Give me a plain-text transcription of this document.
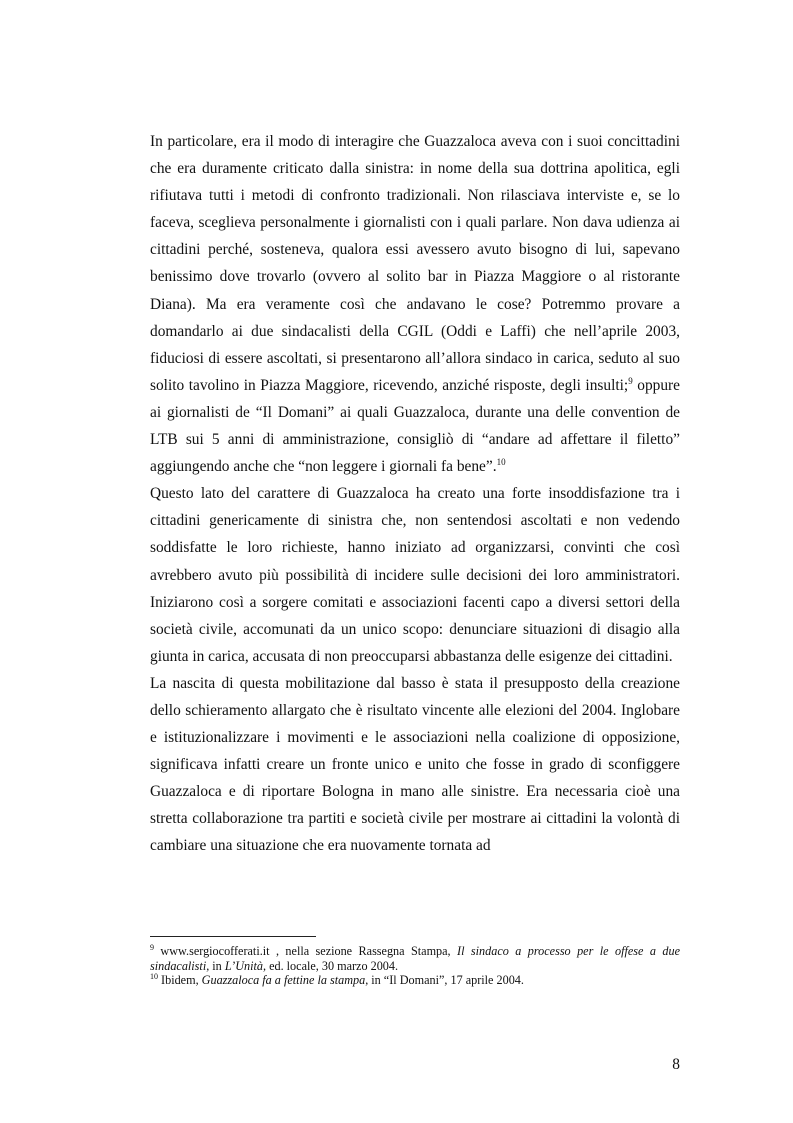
In particolare, era il modo di interagire che Guazzaloca aveva con i suoi concittadini che era duramente criticato dalla sinistra: in nome della sua dottrina apolitica, egli rifiutava tutti i metodi di confronto tradizionali. Non rilasciava interviste e, se lo faceva, sceglieva personalmente i giornalisti con i quali parlare. Non dava udienza ai cittadini perché, sosteneva, qualora essi avessero avuto bisogno di lui, sapevano benissimo dove trovarlo (ovvero al solito bar in Piazza Maggiore o al ristorante Diana). Ma era veramente così che andavano le cose? Potremmo provare a domandarlo ai due sindacalisti della CGIL (Oddi e Laffi) che nell’aprile 2003, fiduciosi di essere ascoltati, si presentarono all’allora sindaco in carica, seduto al suo solito tavolino in Piazza Maggiore, ricevendo, anziché risposte, degli insulti;$^9$ oppure ai giornalisti de “Il Domani” ai quali Guazzaloca, durante una delle convention de LTB sui 5 anni di amministrazione, consigliò di “andare ad affettare il filetto” aggiungendo anche che “non leggere i giornali fa bene”.$^{10}$

Questo lato del carattere di Guazzaloca ha creato una forte insoddisfazione tra i cittadini genericamente di sinistra che, non sentendosi ascoltati e non vedendo soddisfatte le loro richieste, hanno iniziato ad organizzarsi, convinti che così avrebbero avuto più possibilità di incidere sulle decisioni dei loro amministratori. Iniziarono così a sorgere comitati e associazioni facenti capo a diversi settori della società civile, accomunati da un unico scopo: denunciare situazioni di disagio alla giunta in carica, accusata di non preoccuparsi abbastanza delle esigenze dei cittadini.

La nascita di questa mobilitazione dal basso è stata il presupposto della creazione dello schieramento allargato che è risultato vincente alle elezioni del 2004. Inglobare e istituzionalizzare i movimenti e le associazioni nella coalizione di opposizione, significava infatti creare un fronte unico e unito che fosse in grado di sconfiggere Guazzaloca e di riportare Bologna in mano alle sinistre. Era necessaria cioè una stretta collaborazione tra partiti e società civile per mostrare ai cittadini la volontà di cambiare una situazione che era nuovamente tornata ad

$^9$ www.sergiocofferati.it , nella sezione Rassegna Stampa, Il sindaco a processo per le offese a due sindacalisti, in L’Unità, ed. locale, 30 marzo 2004.

$^{10}$ Ibidem, Guazzaloca fa a fettine la stampa, in “Il Domani”, 17 aprile 2004.

8
